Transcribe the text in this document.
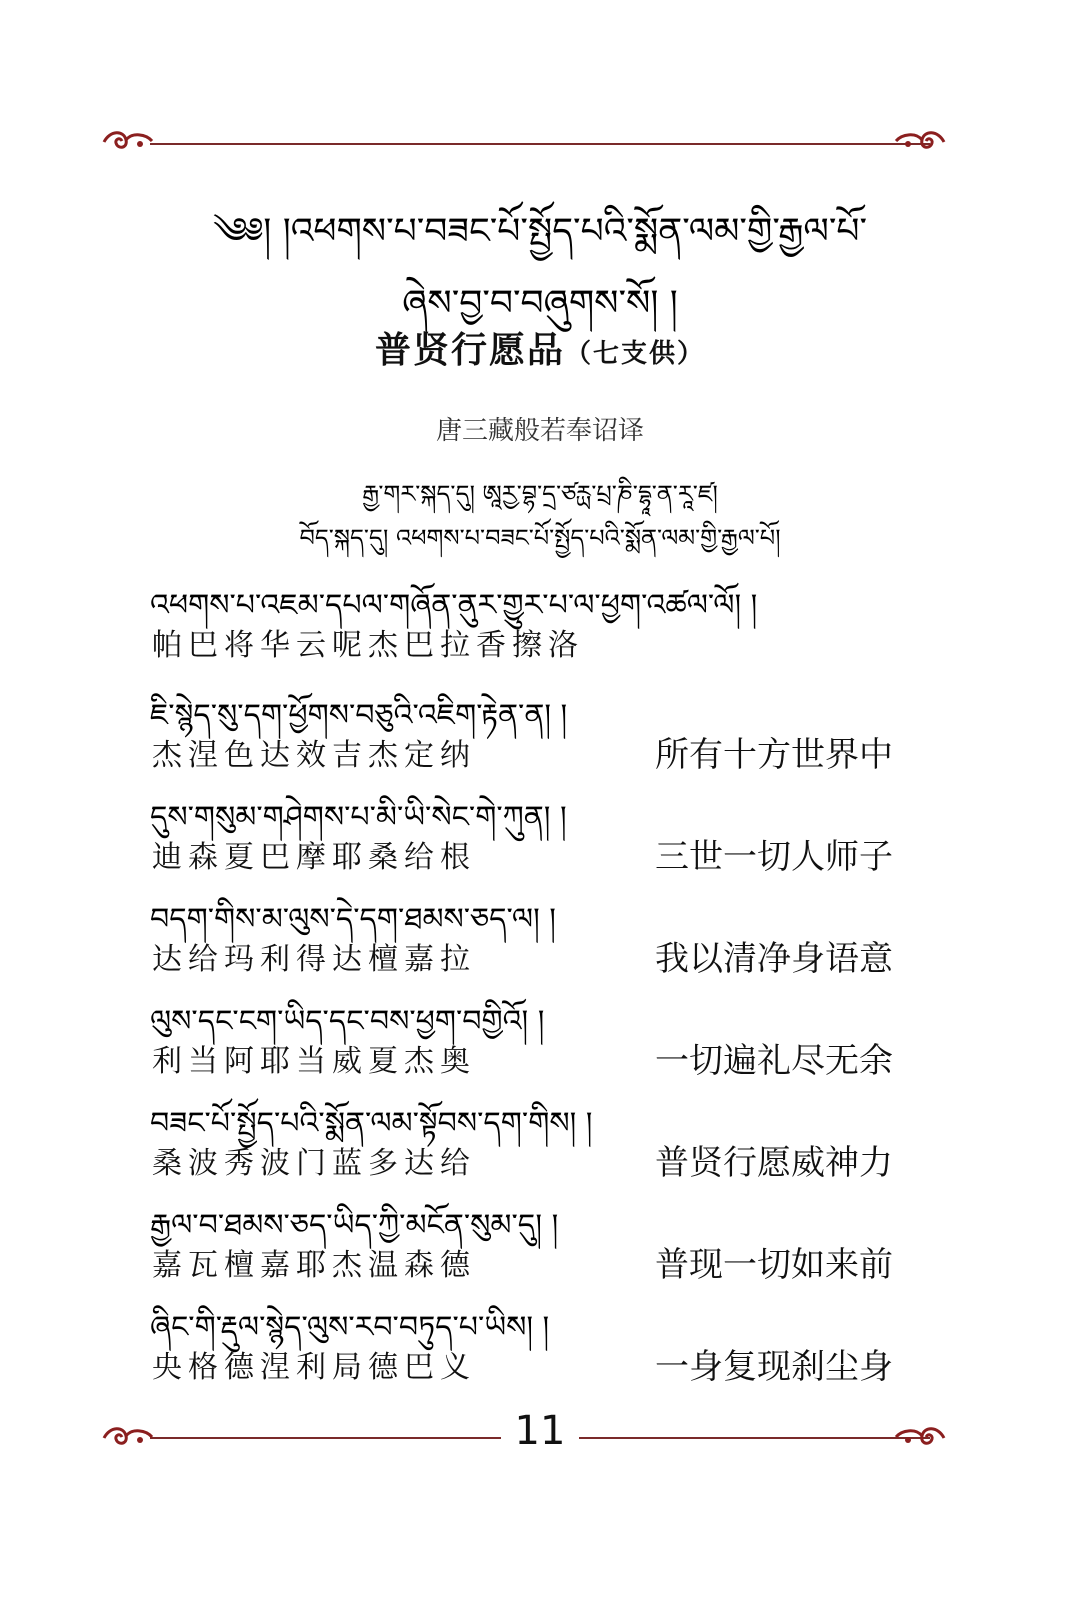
༄༅། །འཕགས་པ་བཟང་པོ་སྤྱོད་པའི་སྨོན་ལམ་གྱི་རྒྱལ་པོ་
ཞེས་བྱ་བ་བཞུགས་སོ། །
普贤行愿品（七支供）
唐三藏般若奉诏译
རྒྱ་གར་སྐད་དུ། ཨཱརྱ་བྷ་དྲ་ཙརྻ་པྲ་ཎི་དྷཱ་ན་རཱ་ཛ།
བོད་སྐད་དུ། འཕགས་པ་བཟང་པོ་སྤྱོད་པའི་སྨོན་ལམ་གྱི་རྒྱལ་པོ།
འཕགས་པ་འཇམ་དཔལ་གཞོན་ནུར་གྱུར་པ་ལ་ཕྱག་འཚལ་ལོ། །
帕巴将华云呢杰巴拉香擦洛
ཇི་སྙེད་སུ་དག་ཕྱོགས་བཅུའི་འཇིག་རྟེན་ན། །
杰涅色达效吉杰定纳	所有十方世界中
དུས་གསུམ་གཤེགས་པ་མི་ཡི་སེང་གེ་ཀུན། །
迪森夏巴摩耶桑给根	三世一切人师子
བདག་གིས་མ་ལུས་དེ་དག་ཐམས་ཅད་ལ། །
达给玛利得达檀嘉拉	我以清净身语意
ལུས་དང་ངག་ཡིད་དང་བས་ཕྱག་བགྱིའོ། །
利当阿耶当威夏杰奥	一切遍礼尽无余
བཟང་པོ་སྤྱོད་པའི་སྨོན་ལམ་སྟོབས་དག་གིས། །
桑波秀波门蓝多达给	普贤行愿威神力
རྒྱལ་བ་ཐམས་ཅད་ཡིད་ཀྱི་མངོན་སུམ་དུ། །
嘉瓦檀嘉耶杰温森德	普现一切如来前
ཞིང་གི་རྡུལ་སྙེད་ལུས་རབ་བཏུད་པ་ཡིས། །
央格德涅利局德巴义	一身复现刹尘身
11
